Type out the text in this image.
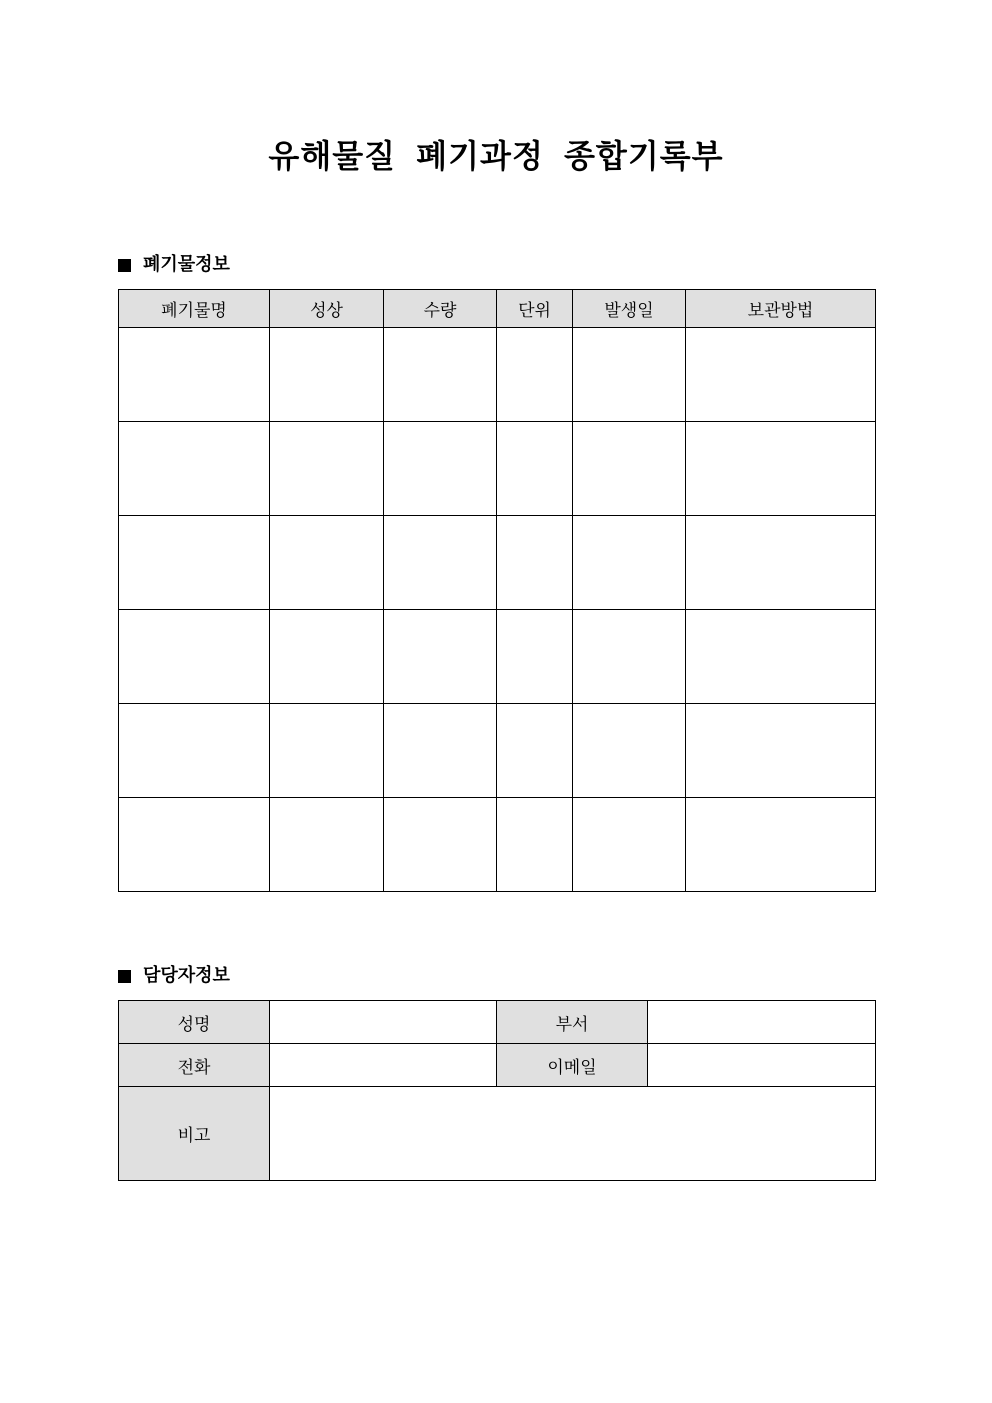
유해물질 폐기과정 종합기록부
폐기물정보
폐기물명	성상	수량	단위	발생일	보관방법

담당자정보
성명		부서	
전화		이메일	
비고			
